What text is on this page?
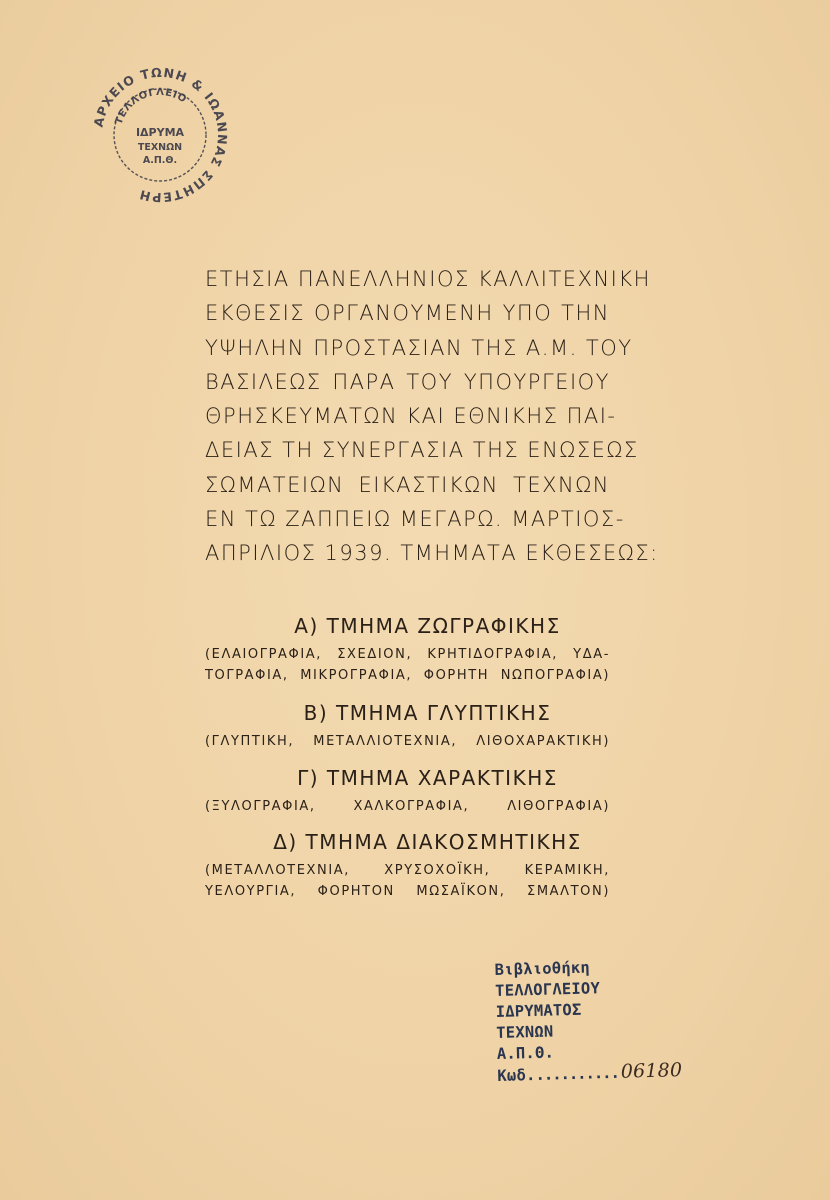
ΑΡΧΕΙΟ ΤΩΝΗ & ΙΩΑΝΝΑΣ ΣΠΗΤΕΡΗ
ΤΕΛΛΟΓΛΕΙΟ
ΙΔΡΥΜΑ
ΤΕΧΝΩΝ
Α.Π.Θ.
ΕΤΗΣΙΑ ΠΑΝΕΛΛΗΝΙΟΣ ΚΑΛΛΙΤΕΧΝΙΚΗ
ΕΚΘΕΣΙΣ ΟΡΓΑΝΟΥΜΕΝΗ ΥΠΟ ΤΗΝ
ΥΨΗΛΗΝ ΠΡΟΣΤΑΣΙΑΝ ΤΗΣ Α.Μ. ΤΟΥ
ΒΑΣΙΛΕΩΣ ΠΑΡΑ ΤΟΥ ΥΠΟΥΡΓΕΙΟΥ
ΘΡΗΣΚΕΥΜΑΤΩΝ ΚΑΙ ΕΘΝΙΚΗΣ ΠΑΙ-
ΔΕΙΑΣ ΤΗ ΣΥΝΕΡΓΑΣΙΑ ΤΗΣ ΕΝΩΣΕΩΣ
ΣΩΜΑΤΕΙΩΝ ΕΙΚΑΣΤΙΚΩΝ ΤΕΧΝΩΝ
ΕΝ ΤΩ ΖΑΠΠΕΙΩ ΜΕΓΑΡΩ. ΜΑΡΤΙΟΣ-
ΑΠΡΙΛΙΟΣ 1939. ΤΜΗΜΑΤΑ ΕΚΘΕΣΕΩΣ:
Α) ΤΜΗΜΑ ΖΩΓΡΑΦΙΚΗΣ
(ΕΛΑΙΟΓΡΑΦΙΑ, ΣΧΕΔΙΟΝ, ΚΡΗΤΙΔΟΓΡΑΦΙΑ, ΥΔΑ-
ΤΟΓΡΑΦΙΑ, ΜΙΚΡΟΓΡΑΦΙΑ, ΦΟΡΗΤΗ ΝΩΠΟΓΡΑΦΙΑ)
Β) ΤΜΗΜΑ ΓΛΥΠΤΙΚΗΣ
(ΓΛΥΠΤΙΚΗ, ΜΕΤΑΛΛΙΟΤΕΧΝΙΑ, ΛΙΘΟΧΑΡΑΚΤΙΚΗ)
Γ) ΤΜΗΜΑ ΧΑΡΑΚΤΙΚΗΣ
(ΞΥΛΟΓΡΑΦΙΑ, ΧΑΛΚΟΓΡΑΦΙΑ, ΛΙΘΟΓΡΑΦΙΑ)
Δ) ΤΜΗΜΑ ΔΙΑΚΟΣΜΗΤΙΚΗΣ
(ΜΕΤΑΛΛΟΤΕΧΝΙΑ, ΧΡΥΣΟΧΟΪΚΗ, ΚΕΡΑΜΙΚΗ,
ΥΕΛΟΥΡΓΙΑ, ΦΟΡΗΤΟΝ ΜΩΣΑΪΚΟΝ, ΣΜΑΛΤΟΝ)
Βιβλιοθήκη
ΤΕΛΛΟΓΛΕΙΟΥ
ΙΔΡΥΜΑΤΟΣ
ΤΕΧΝΩΝ
Α.Π.Θ.
Κωδ. .......... 06180
